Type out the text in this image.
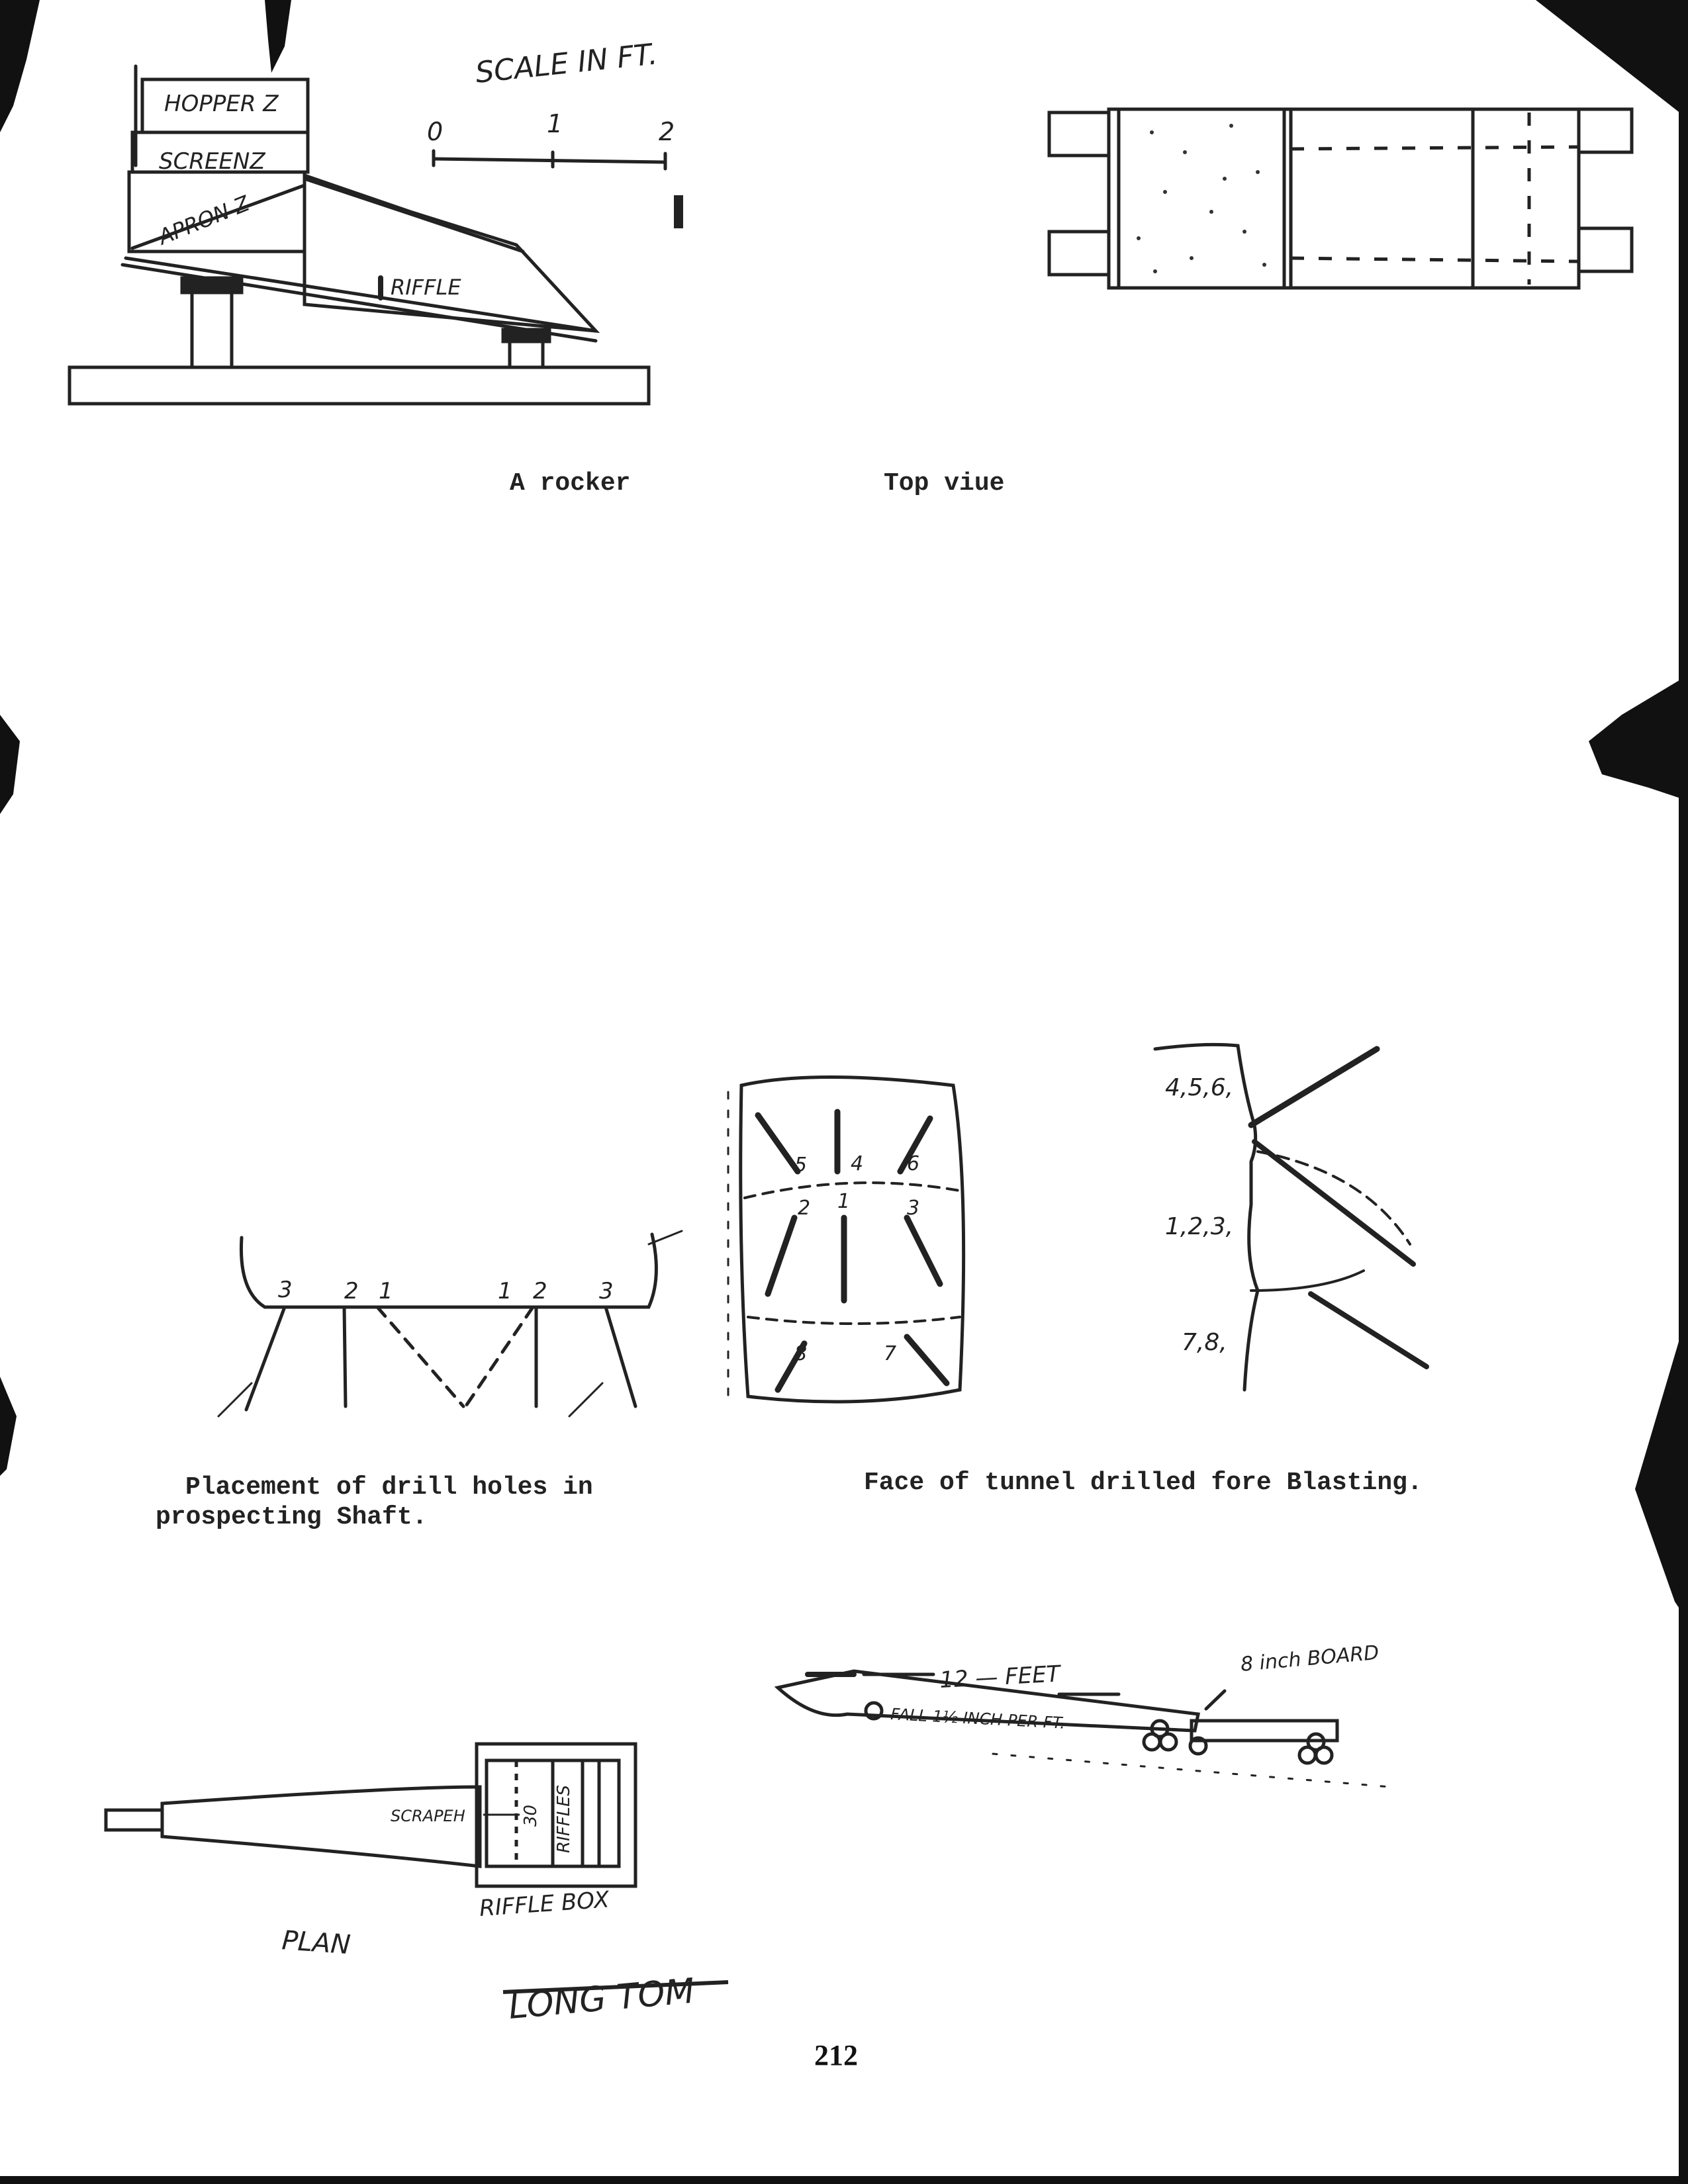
SCALE IN FT.
0	1	2
HOPPER Z
SCREENZ
APRON Z
RIFFLE
3 2 1	1 2 3
5 4 6
2 1	3
8	7
4,5,6,
1,2,3,
7,8,
12 — FEET
8 inch BOARD
FALL 1½ INCH PER FT.
SCRAPEH	30 RIFFLES
RIFFLE BOX
PLAN
LONG TOM
A rocker	Top viue
Placement of drill holes in
prospecting Shaft.
Face of tunnel drilled fore Blasting.
212
